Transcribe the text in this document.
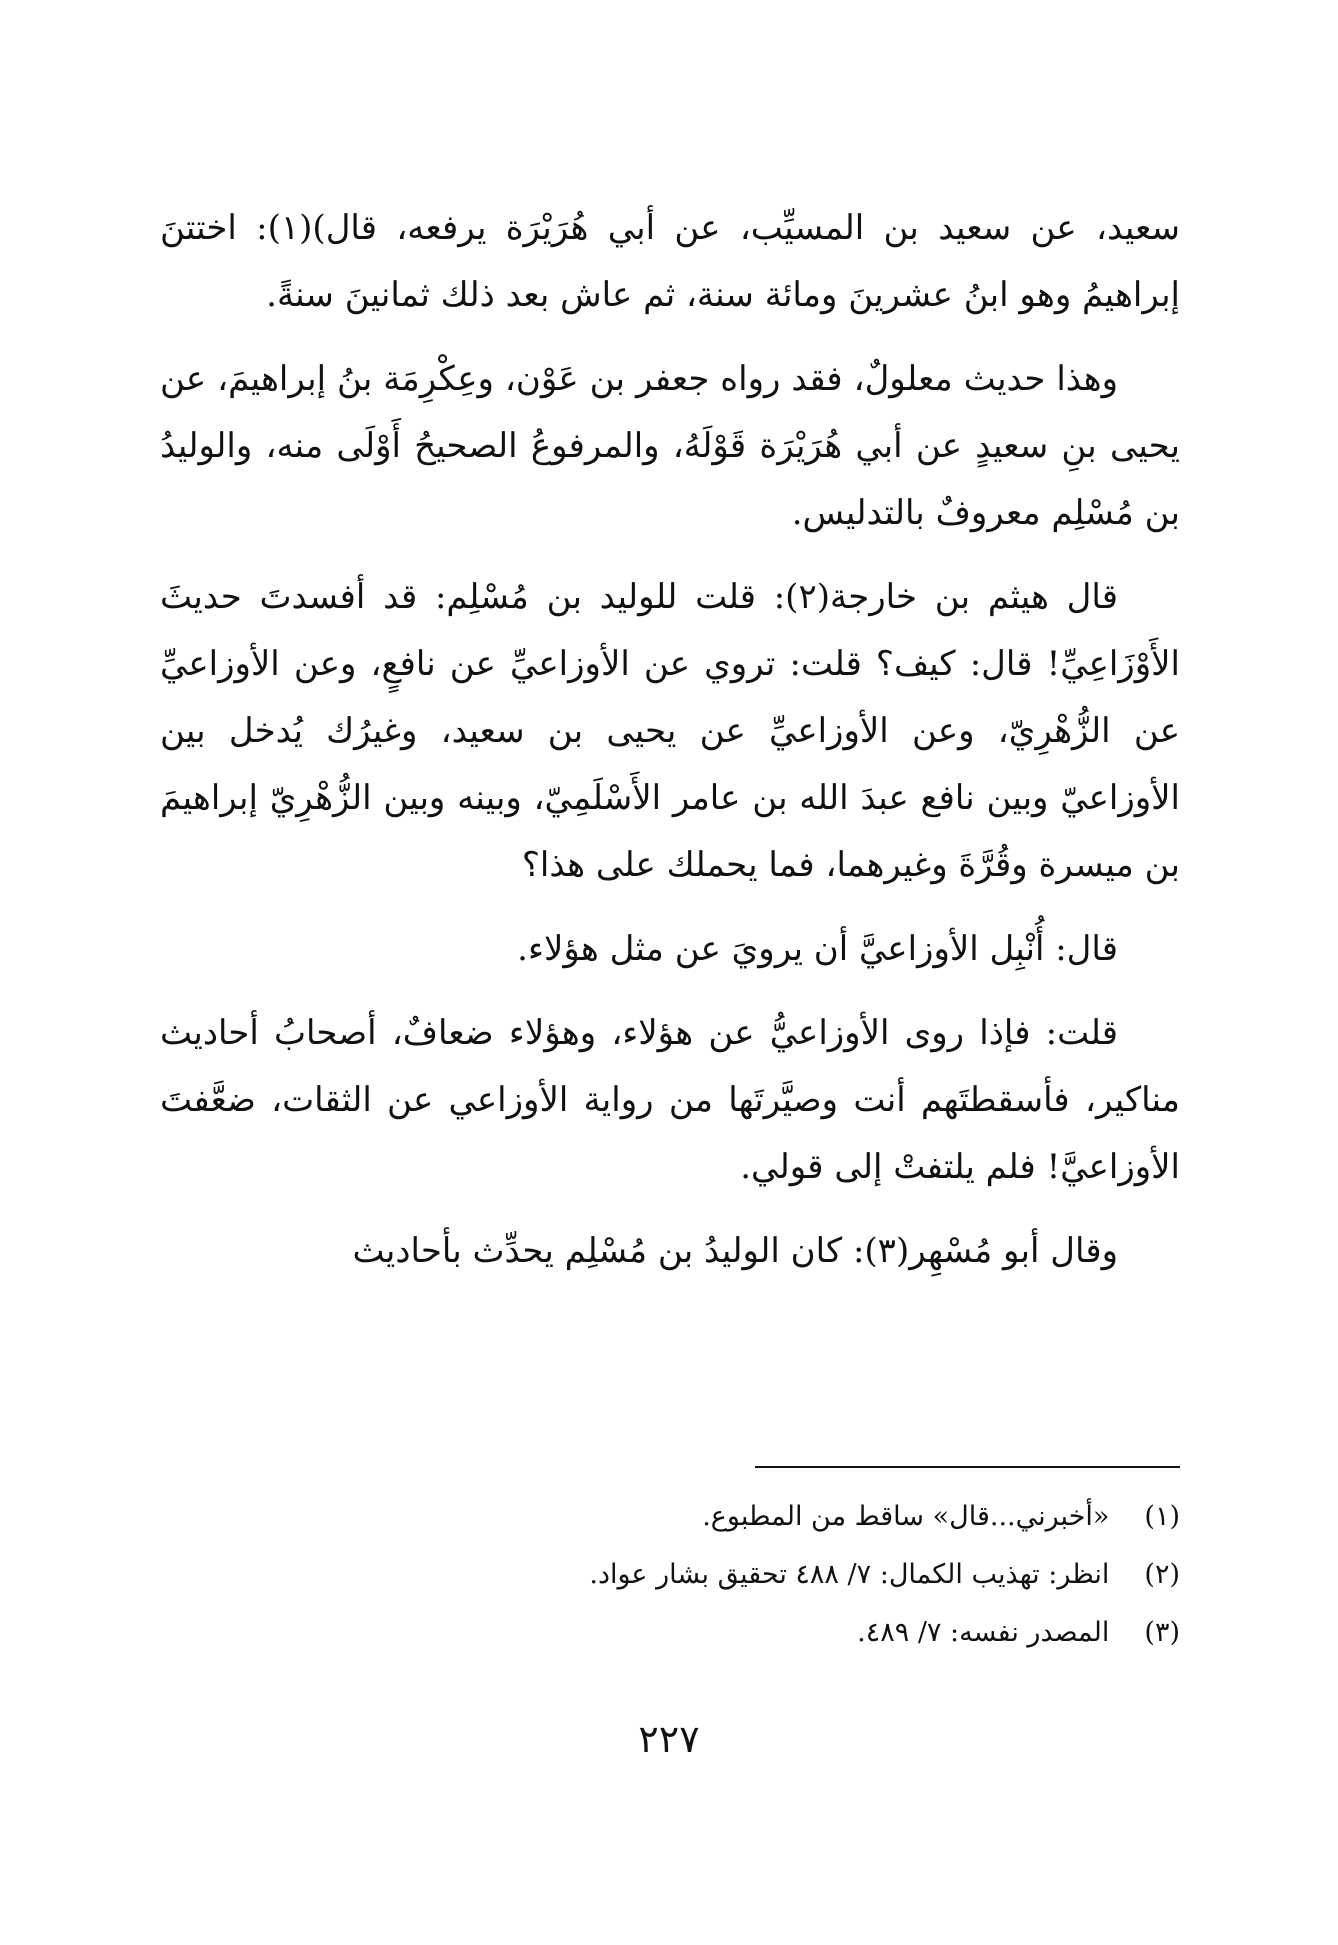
سعيد، عن سعيد بن المسيِّب، عن أبي هُرَيْرَة يرفعه، قال)(١): اختتنَ إبراهيمُ وهو ابنُ عشرينَ ومائة سنة، ثم عاش بعد ذلك ثمانينَ سنةً.

وهذا حديث معلولٌ، فقد رواه جعفر بن عَوْن، وعِكْرِمَة بنُ إبراهيمَ، عن يحيى بنِ سعيدٍ عن أبي هُرَيْرَة قَوْلَهُ، والمرفوعُ الصحيحُ أَوْلَى منه، والوليدُ بن مُسْلِم معروفٌ بالتدليس.

قال هيثم بن خارجة(٢): قلت للوليد بن مُسْلِم: قد أفسدتَ حديثَ الأَوْزَاعِيِّ! قال: كيف؟ قلت: تروي عن الأوزاعيِّ عن نافعٍ، وعن الأوزاعيِّ عن الزُّهْرِيّ، وعن الأوزاعيِّ عن يحيى بن سعيد، وغيرُك يُدخل بين الأوزاعيّ وبين نافع عبدَ الله بن عامر الأَسْلَمِيّ، وبينه وبين الزُّهْرِيّ إبراهيمَ بن ميسرة وقُرَّةَ وغيرهما، فما يحملك على هذا؟

قال: أُنْبِل الأوزاعيَّ أن يرويَ عن مثل هؤلاء.

قلت: فإذا روى الأوزاعيُّ عن هؤلاء، وهؤلاء ضعافٌ، أصحابُ أحاديث مناكير، فأسقطتَهم أنت وصيَّرتَها من رواية الأوزاعي عن الثقات، ضعَّفتَ الأوزاعيَّ! فلم يلتفتْ إلى قولي.

وقال أبو مُسْهِر(٣): كان الوليدُ بن مُسْلِم يحدِّث بأحاديث

(١) «أخبرني...قال» ساقط من المطبوع.
(٢) انظر: تهذيب الكمال: ٧/ ٤٨٨ تحقيق بشار عواد.
(٣) المصدر نفسه: ٧/ ٤٨٩.
٢٢٧
